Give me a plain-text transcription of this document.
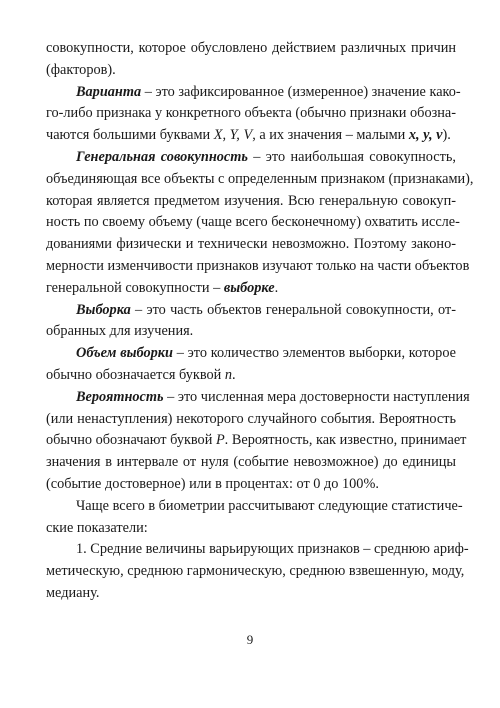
совокупности, которое обусловлено действием различных причин
(факторов).

Варианта – это зафиксированное (измеренное) значение како-
го-либо признака у конкретного объекта (обычно признаки обозна-
чаются большими буквами X, Y, V, а их значения – малыми x, y, v).

Генеральная совокупность – это наибольшая совокупность,
объединяющая все объекты с определенным признаком (признаками),
которая является предметом изучения. Всю генеральную совокуп-
ность по своему объему (чаще всего бесконечному) охватить иссле-
дованиями физически и технически невозможно. Поэтому законо-
мерности изменчивости признаков изучают только на части объектов
генеральной совокупности – выборке.

Выборка – это часть объектов генеральной совокупности, от-
обранных для изучения.

Объем выборки – это количество элементов выборки, которое
обычно обозначается буквой n.

Вероятность – это численная мера достоверности наступления
(или ненаступления) некоторого случайного события. Вероятность
обычно обозначают буквой P. Вероятность, как известно, принимает
значения в интервале от нуля (событие невозможное) до единицы
(событие достоверное) или в процентах: от 0 до 100%.

Чаще всего в биометрии рассчитывают следующие статистиче-
ские показатели:

1. Средние величины варьирующих признаков – среднюю ариф-
метическую, среднюю гармоническую, среднюю взвешенную, моду,
медиану.

9
